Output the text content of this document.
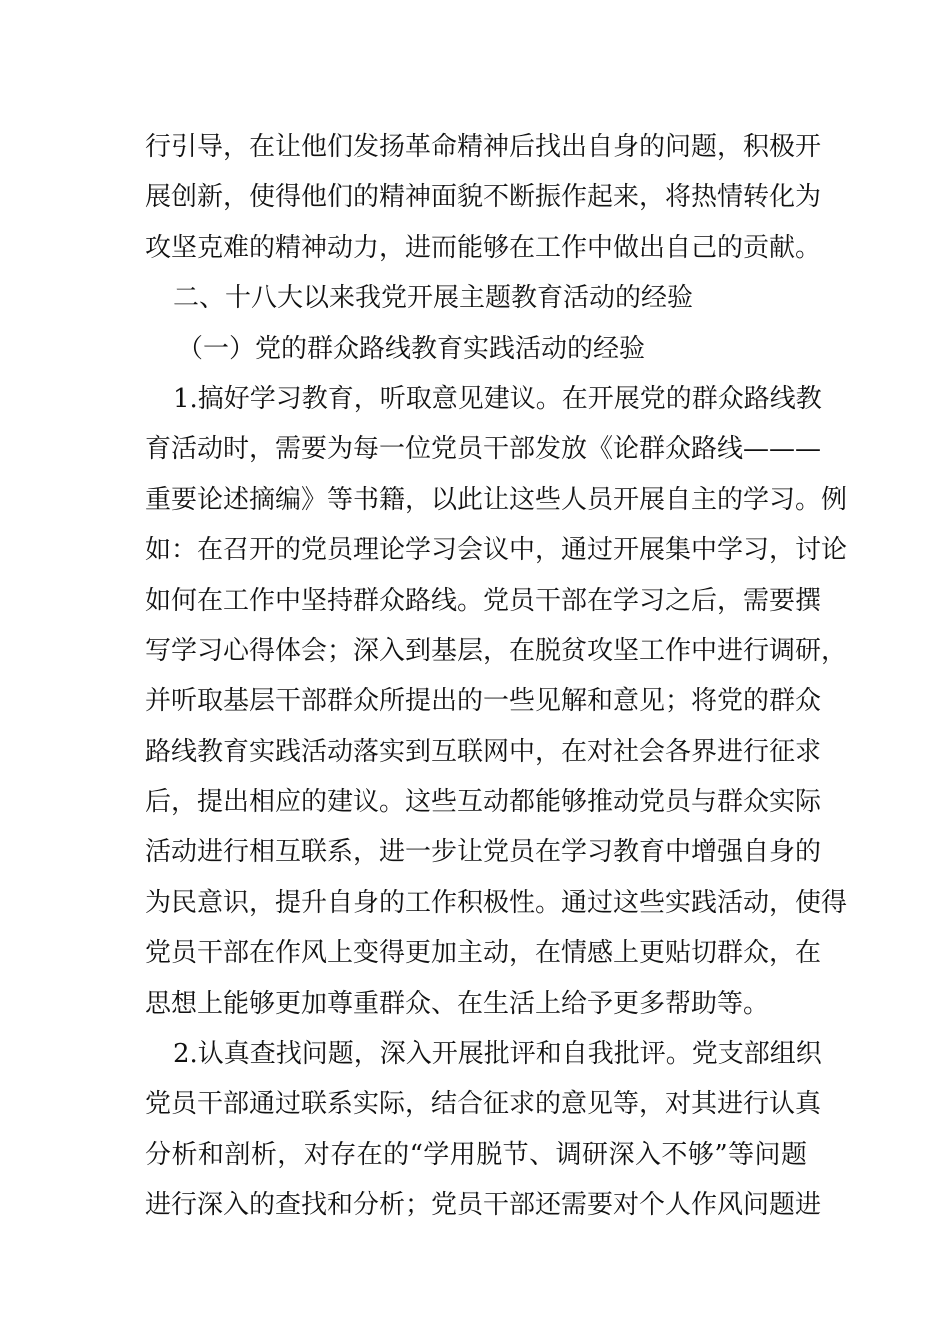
行引导，在让他们发扬革命精神后找出自身的问题，积极开
展创新，使得他们的精神面貌不断振作起来，将热情转化为
攻坚克难的精神动力，进而能够在工作中做出自己的贡献。
二、十八大以来我党开展主题教育活动的经验
（一）党的群众路线教育实践活动的经验
1.搞好学习教育，听取意见建议。在开展党的群众路线教
育活动时，需要为每一位党员干部发放《论群众路线———
重要论述摘编》等书籍，以此让这些人员开展自主的学习。例
如：在召开的党员理论学习会议中，通过开展集中学习，讨论
如何在工作中坚持群众路线。党员干部在学习之后，需要撰
写学习心得体会；深入到基层，在脱贫攻坚工作中进行调研，
并听取基层干部群众所提出的一些见解和意见；将党的群众
路线教育实践活动落实到互联网中，在对社会各界进行征求
后，提出相应的建议。这些互动都能够推动党员与群众实际
活动进行相互联系，进一步让党员在学习教育中增强自身的
为民意识，提升自身的工作积极性。通过这些实践活动，使得
党员干部在作风上变得更加主动，在情感上更贴切群众，在
思想上能够更加尊重群众、在生活上给予更多帮助等。
2.认真查找问题，深入开展批评和自我批评。党支部组织
党员干部通过联系实际，结合征求的意见等，对其进行认真
分析和剖析，对存在的“学用脱节、调研深入不够”等问题
进行深入的查找和分析；党员干部还需要对个人作风问题进
